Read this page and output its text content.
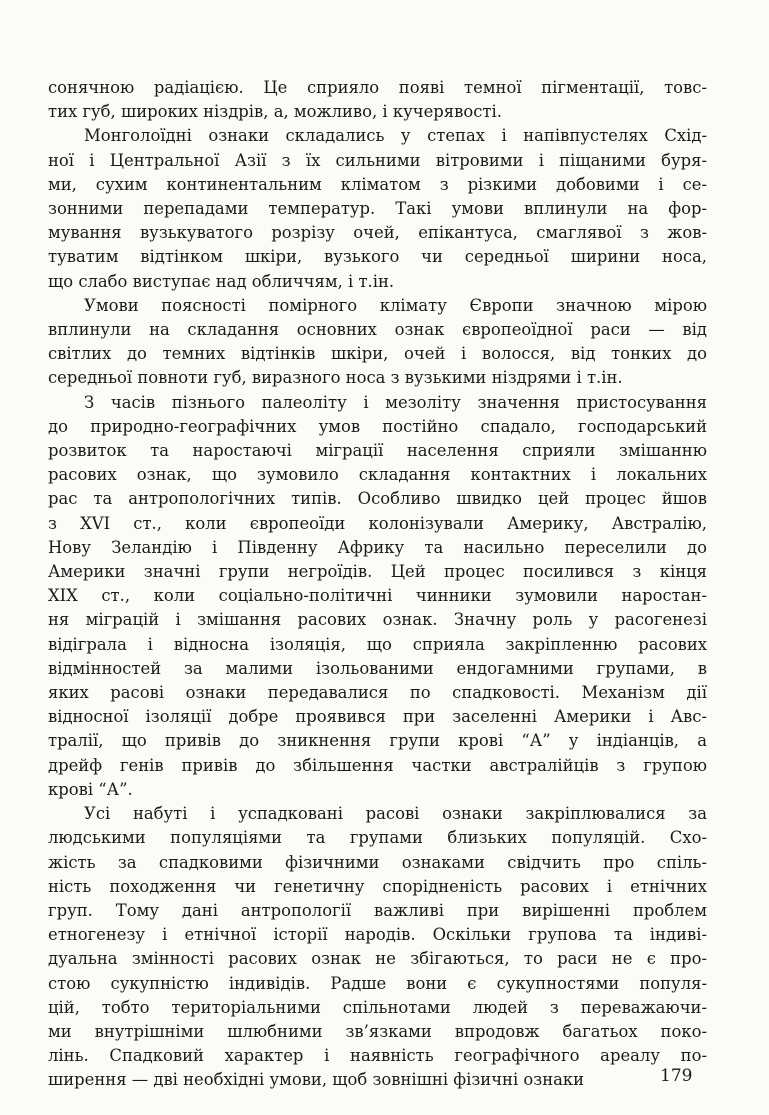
сонячною радіацією. Це сприяло появі темної пігментації, товс-
тих губ, широких ніздрів, а, можливо, і кучерявості.

Монголоїдні ознаки складались у степах і напівпустелях Схід-
ної і Центральної Азії з їх сильними вітровими і піщаними буря-
ми, сухим континентальним кліматом з різкими добовими і се-
зонними перепадами температур. Такі умови вплинули на фор-
мування вузькуватого розрізу очей, епікантуса, смаглявої з жов-
туватим відтінком шкіри, вузького чи середньої ширини носа,
що слабо виступає над обличчям, і т.ін.

Умови поясності помірного клімату Європи значною мірою
вплинули на складання основних ознак європеоїдної раси — від
світлих до темних відтінків шкіри, очей і волосся, від тонких до
середньої повноти губ, виразного носа з вузькими ніздрями і т.ін.

З часів пізнього палеоліту і мезоліту значення пристосування
до природно-географічних умов постійно спадало, господарський
розвиток та наростаючі міграції населення сприяли змішанню
расових ознак, що зумовило складання контактних і локальних
рас та антропологічних типів. Особливо швидко цей процес йшов
з XVI ст., коли європеоїди колонізували Америку, Австралію,
Нову Зеландію і Південну Африку та насильно переселили до
Америки значні групи негроїдів. Цей процес посилився з кінця
XIX ст., коли соціально-політичні чинники зумовили наростан-
ня міграцій і змішання расових ознак. Значну роль у расогенезі
відіграла і відносна ізоляція, що сприяла закріпленню расових
відмінностей за малими ізольованими ендогамними групами, в
яких расові ознаки передавалися по спадковості. Механізм дії
відносної ізоляції добре проявився при заселенні Америки і Авс-
тралії, що привів до зникнення групи крові “А” у індіанців, а
дрейф генів привів до збільшення частки австралійців з групою
крові “А”.

Усі набуті і успадковані расові ознаки закріплювалися за
людськими популяціями та групами близьких популяцій. Схо-
жість за спадковими фізичними ознаками свідчить про спіль-
ність походження чи генетичну спорідненість расових і етнічних
груп. Тому дані антропології важливі при вирішенні проблем
етногенезу і етнічної історії народів. Оскільки групова та індиві-
дуальна змінності расових ознак не збігаються, то раси не є про-
стою сукупністю індивідів. Радше вони є сукупностями популя-
цій, тобто територіальними спільнотами людей з переважаючи-
ми внутрішніми шлюбними зв’язками впродовж багатьох поко-
лінь. Спадковий характер і наявність географічного ареалу по-
ширення — дві необхідні умови, щоб зовнішні фізичні ознаки	179
